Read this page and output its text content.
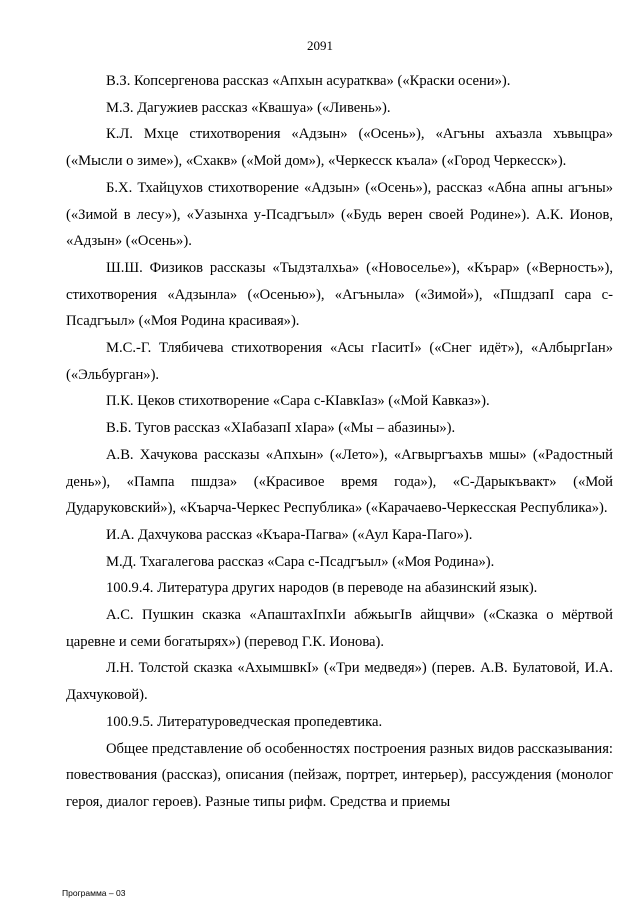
2091

В.З. Копсергенова рассказ «Апхын асуратква» («Краски осени»).

М.З. Дагужиев рассказ «Квашуа» («Ливень»).

К.Л. Мхце стихотворения «Адзын» («Осень»), «Агъны ахъазла хъвыцра» («Мысли о зиме»), «Схакв» («Мой дом»), «Черкесск къала» («Город Черкесск»).

Б.Х. Тхайцухов стихотворение «Адзын» («Осень»), рассказ «Абна апны агъны» («Зимой в лесу»), «Уазынха у-Псадгъыл» («Будь верен своей Родине»). А.К. Ионов, «Адзын» («Осень»).

Ш.Ш. Физиков рассказы «Тыдзталхьа» («Новоселье»), «Кърар» («Верность»), стихотворения «Адзынла» («Осенью»), «Агъныла» («Зимой»), «ПшдзапI сара с-Псадгъыл» («Моя Родина красивая»).

М.С.-Г. Тлябичева стихотворения «Асы гIаситI» («Снег идёт»), «АлбыргIан» («Эльбурган»).

П.К. Цеков стихотворение «Сара с-КIавкIаз» («Мой Кавказ»).

В.Б. Тугов рассказ «ХIабазапI хIара» («Мы – абазины»).

А.В. Хачукова рассказы «Апхын» («Лето»), «Агвыргъахъв мшы» («Радостный день»), «Пампа пшдза» («Красивое время года»), «С-Дарыкъвакт» («Мой Дударуковский»), «Къарча-Черкес Республика» («Карачаево-Черкесская Республика»).

И.А. Дахчукова рассказ «Къара-Пагва» («Аул Кара-Паго»).

М.Д. Тхагалегова рассказ «Сара с-Псадгъыл» («Моя Родина»).

100.9.4. Литература других народов (в переводе на абазинский язык).

А.С. Пушкин сказка «АпаштахIпхIи абжьыгIв айщчви» («Сказка о мёртвой царевне и семи богатырях») (перевод Г.К. Ионова).

Л.Н. Толстой сказка «АхымшвкI» («Три медведя») (перев. А.В. Булатовой, И.А. Дахчуковой).

100.9.5. Литературоведческая пропедевтика.

Общее представление об особенностях построения разных видов рассказывания: повествования (рассказ), описания (пейзаж, портрет, интерьер), рассуждения (монолог героя, диалог героев). Разные типы рифм. Средства и приемы

Программа – 03
